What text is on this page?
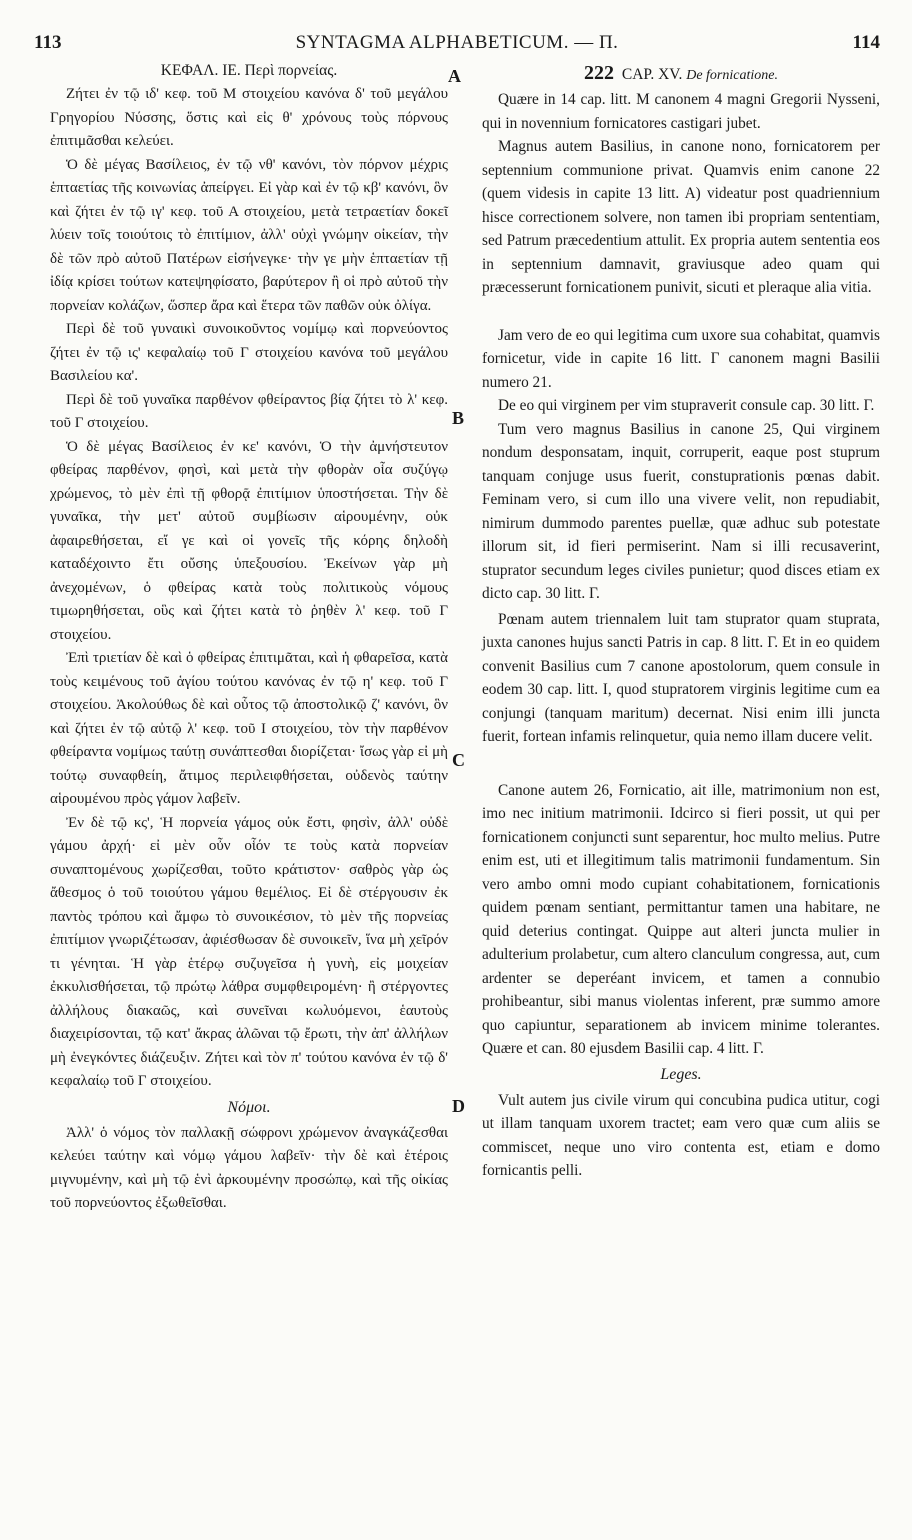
113	SYNTAGMA ALPHABETICUM. — Π.	114
A
B
C
D
ΚΕΦΑΛ. ΙΕ. Περὶ πορνείας.

Ζήτει ἐν τῷ ιδ' κεφ. τοῦ Μ στοιχείου κανόνα δ' τοῦ μεγάλου Γρηγορίου Νύσσης, ὅστις καὶ εἰς θ' χρόνους τοὺς πόρνους ἐπιτιμᾶσθαι κελεύει.

Ὁ δὲ μέγας Βασίλειος, ἐν τῷ νθ' κανόνι, τὸν πόρνον μέχρις ἑπταετίας τῆς κοινωνίας ἀπείργει. Εἰ γὰρ καὶ ἐν τῷ κβ' κανόνι, ὃν καὶ ζήτει ἐν τῷ ιγ' κεφ. τοῦ Α στοιχείου, μετὰ τετραετίαν δοκεῖ λύειν τοῖς τοιούτοις τὸ ἐπιτίμιον, ἀλλ' οὐχὶ γνώμην οἰκείαν, τὴν δὲ τῶν πρὸ αὐτοῦ Πατέρων εἰσήνεγκε· τὴν γε μὴν ἑπταετίαν τῇ ἰδίᾳ κρίσει τούτων κατεψηφίσατο, βαρύτερον ἢ οἱ πρὸ αὐτοῦ τὴν πορνείαν κολάζων, ὥσπερ ἄρα καὶ ἕτερα τῶν παθῶν οὐκ ὀλίγα.

Περὶ δὲ τοῦ γυναικὶ συνοικοῦντος νομίμῳ καὶ πορνεύοντος ζήτει ἐν τῷ ις' κεφαλαίῳ τοῦ Γ στοιχείου κανόνα τοῦ μεγάλου Βασιλείου κα'.

Περὶ δὲ τοῦ γυναῖκα παρθένον φθείραντος βίᾳ ζήτει τὸ λ' κεφ. τοῦ Γ στοιχείου.

Ὁ δὲ μέγας Βασίλειος ἐν κε' κανόνι, Ὁ τὴν ἀμνήστευτον φθείρας παρθένον, φησὶ, καὶ μετὰ τὴν φθορὰν οἷα συζύγῳ χρώμενος, τὸ μὲν ἐπὶ τῇ φθορᾷ ἐπιτίμιον ὑποστήσεται. Τὴν δὲ γυναῖκα, τὴν μετ' αὐτοῦ συμβίωσιν αἱρουμένην, οὐκ ἀφαιρεθήσεται, εἴ γε καὶ οἱ γονεῖς τῆς κόρης δηλοδὴ καταδέχοιντο ἔτι οὔσης ὑπεξουσίου. Ἐκείνων γὰρ μὴ ἀνεχομένων, ὁ φθείρας κατὰ τοὺς πολιτικοὺς νόμους τιμωρηθήσεται, οὓς καὶ ζήτει κατὰ τὸ ῥηθὲν λ' κεφ. τοῦ Γ στοιχείου.

Ἐπὶ τριετίαν δὲ καὶ ὁ φθείρας ἐπιτιμᾶται, καὶ ἡ φθαρεῖσα, κατὰ τοὺς κειμένους τοῦ ἁγίου τούτου κανόνας ἐν τῷ η' κεφ. τοῦ Γ στοιχείου. Ἀκολούθως δὲ καὶ οὗτος τῷ ἀποστολικῷ ζ' κανόνι, ὃν καὶ ζήτει ἐν τῷ αὐτῷ λ' κεφ. τοῦ Ι στοιχείου, τὸν τὴν παρθένον φθείραντα νομίμως ταύτῃ συνάπτεσθαι διορίζεται· ἴσως γὰρ εἰ μὴ τούτῳ συναφθείη, ἄτιμος περιλειφθήσεται, οὐδενὸς ταύτην αἱρουμένου πρὸς γάμον λαβεῖν.

Ἐν δὲ τῷ κς', Ἡ πορνεία γάμος οὐκ ἔστι, φησὶν, ἀλλ' οὐδὲ γάμου ἀρχή· εἰ μὲν οὖν οἷόν τε τοὺς κατὰ πορνείαν συναπτομένους χωρίζεσθαι, τοῦτο κράτιστον· σαθρὸς γὰρ ὡς ἄθεσμος ὁ τοῦ τοιούτου γάμου θεμέλιος. Εἰ δὲ στέργουσιν ἐκ παντὸς τρόπου καὶ ἄμφω τὸ συνοικέσιον, τὸ μὲν τῆς πορνείας ἐπιτίμιον γνωριζέτωσαν, ἀφιέσθωσαν δὲ συνοικεῖν, ἵνα μὴ χεῖρόν τι γένηται. Ἡ γὰρ ἑτέρῳ συζυγεῖσα ἡ γυνὴ, εἰς μοιχείαν ἐκκυλισθήσεται, τῷ πρώτῳ λάθρα συμφθειρομένη· ἢ στέργοντες ἀλλήλους διακαῶς, καὶ συνεῖναι κωλυόμενοι, ἑαυτοὺς διαχειρίσονται, τῷ κατ' ἄκρας ἁλῶναι τῷ ἔρωτι, τὴν ἀπ' ἀλλήλων μὴ ἐνεγκόντες διάζευξιν. Ζήτει καὶ τὸν π' τούτου κανόνα ἐν τῷ δ' κεφαλαίῳ τοῦ Γ στοιχείου.

Νόμοι.

Ἀλλ' ὁ νόμος τὸν παλλακῇ σώφρονι χρώμενον ἀναγκάζεσθαι κελεύει ταύτην καὶ νόμῳ γάμου λαβεῖν· τὴν δὲ καὶ ἑτέροις μιγνυμένην, καὶ μὴ τῷ ἑνὶ ἀρκουμένην προσώπῳ, καὶ τῆς οἰκίας τοῦ πορνεύοντος ἐξωθεῖσθαι.

222 CAP. XV. De fornicatione.

Quære in 14 cap. litt. M canonem 4 magni Gregorii Nysseni, qui in novennium fornicatores castigari jubet.

Magnus autem Basilius, in canone nono, fornicatorem per septennium communione privat. Quamvis enim canone 22 (quem videsis in capite 13 litt. A) videatur post quadriennium hisce correctionem solvere, non tamen ibi propriam sententiam, sed Patrum præcedentium attulit. Ex propria autem sententia eos in septennium damnavit, graviusque adeo quam qui præcesserunt fornicationem punivit, sicuti et pleraque alia vitia.

Jam vero de eo qui legitima cum uxore sua cohabitat, quamvis fornicetur, vide in capite 16 litt. Γ canonem magni Basilii numero 21.

De eo qui virginem per vim stupraverit consule cap. 30 litt. Γ.

Tum vero magnus Basilius in canone 25, Qui virginem nondum desponsatam, inquit, corruperit, eaque post stuprum tanquam conjuge usus fuerit, constuprationis pœnas dabit. Feminam vero, si cum illo una vivere velit, non repudiabit, nimirum dummodo parentes puellæ, quæ adhuc sub potestate illorum sit, id fieri permiserint. Nam si illi recusaverint, stuprator secundum leges civiles punietur; quod disces etiam ex dicto cap. 30 litt. Γ.

Pœnam autem triennalem luit tam stuprator quam stuprata, juxta canones hujus sancti Patris in cap. 8 litt. Γ. Et in eo quidem convenit Basilius cum 7 canone apostolorum, quem consule in eodem 30 cap. litt. I, quod stupratorem virginis legitime cum ea conjungi (tanquam maritum) decernat. Nisi enim illi juncta fuerit, fortean infamis relinquetur, quia nemo illam ducere velit.

Canone autem 26, Fornicatio, ait ille, matrimonium non est, imo nec initium matrimonii. Idcirco si fieri possit, ut qui per fornicationem conjuncti sunt separentur, hoc multo melius. Putre enim est, uti et illegitimum talis matrimonii fundamentum. Sin vero ambo omni modo cupiant cohabitationem, fornicationis quidem pœnam sentiant, permittantur tamen una habitare, ne quid deterius contingat. Quippe aut alteri juncta mulier in adulterium prolabetur, cum altero clanculum congressa, aut, cum ardenter se deperéant invicem, et tamen a connubio prohibeantur, sibi manus violentas inferent, præ summo amore quo capiuntur, separationem ab invicem minime tolerantes. Quære et can. 80 ejusdem Basilii cap. 4 litt. Γ.

Leges.

Vult autem jus civile virum qui concubina pudica utitur, cogi ut illam tanquam uxorem tractet; eam vero quæ cum aliis se commiscet, neque uno viro contenta est, etiam e domo fornicantis pelli.
